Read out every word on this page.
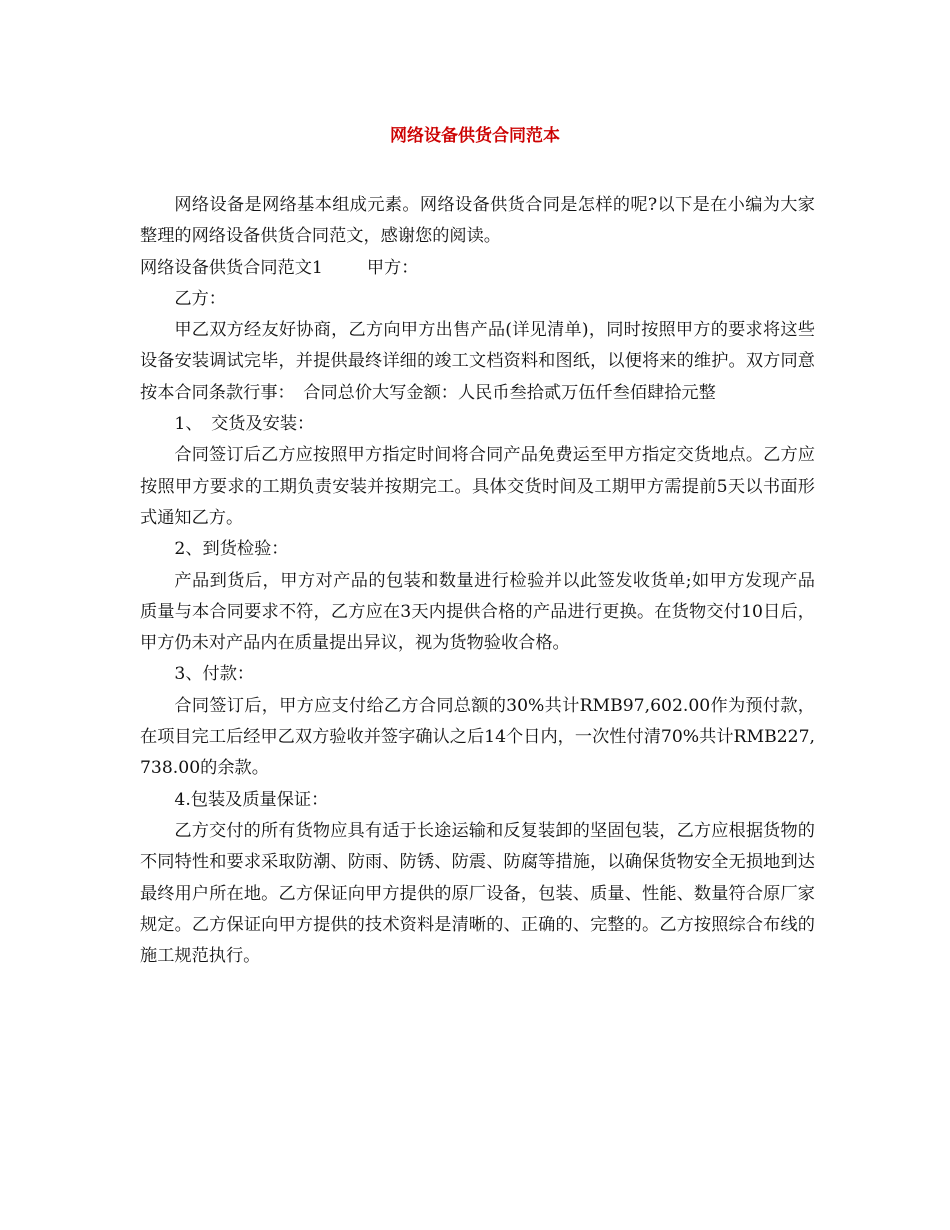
网络设备供货合同范本

网络设备是网络基本组成元素。网络设备供货合同是怎样的呢?以下是在小编为大家整理的网络设备供货合同范文，感谢您的阅读。

网络设备供货合同范文1	甲方：

乙方：

甲乙双方经友好协商，乙方向甲方出售产品(详见清单)，同时按照甲方的要求将这些设备安装调试完毕，并提供最终详细的竣工文档资料和图纸，以便将来的维护。双方同意按本合同条款行事：　合同总价大写金额：人民币叁拾贰万伍仟叁佰肆拾元整

1、　交货及安装：

合同签订后乙方应按照甲方指定时间将合同产品免费运至甲方指定交货地点。乙方应按照甲方要求的工期负责安装并按期完工。具体交货时间及工期甲方需提前5天以书面形式通知乙方。

2、到货检验：

产品到货后，甲方对产品的包装和数量进行检验并以此签发收货单;如甲方发现产品质量与本合同要求不符，乙方应在3天内提供合格的产品进行更换。在货物交付10日后，甲方仍未对产品内在质量提出异议，视为货物验收合格。

3、付款：

合同签订后，甲方应支付给乙方合同总额的30%共计RMB97,602.00作为预付款，在项目完工后经甲乙双方验收并签字确认之后14个日内，一次性付清70%共计RMB227,738.00的余款。

4.包装及质量保证：

乙方交付的所有货物应具有适于长途运输和反复装卸的坚固包装，乙方应根据货物的不同特性和要求采取防潮、防雨、防锈、防震、防腐等措施，以确保货物安全无损地到达最终用户所在地。乙方保证向甲方提供的原厂设备，包装、质量、性能、数量符合原厂家规定。乙方保证向甲方提供的技术资料是清晰的、正确的、完整的。乙方按照综合布线的施工规范执行。
